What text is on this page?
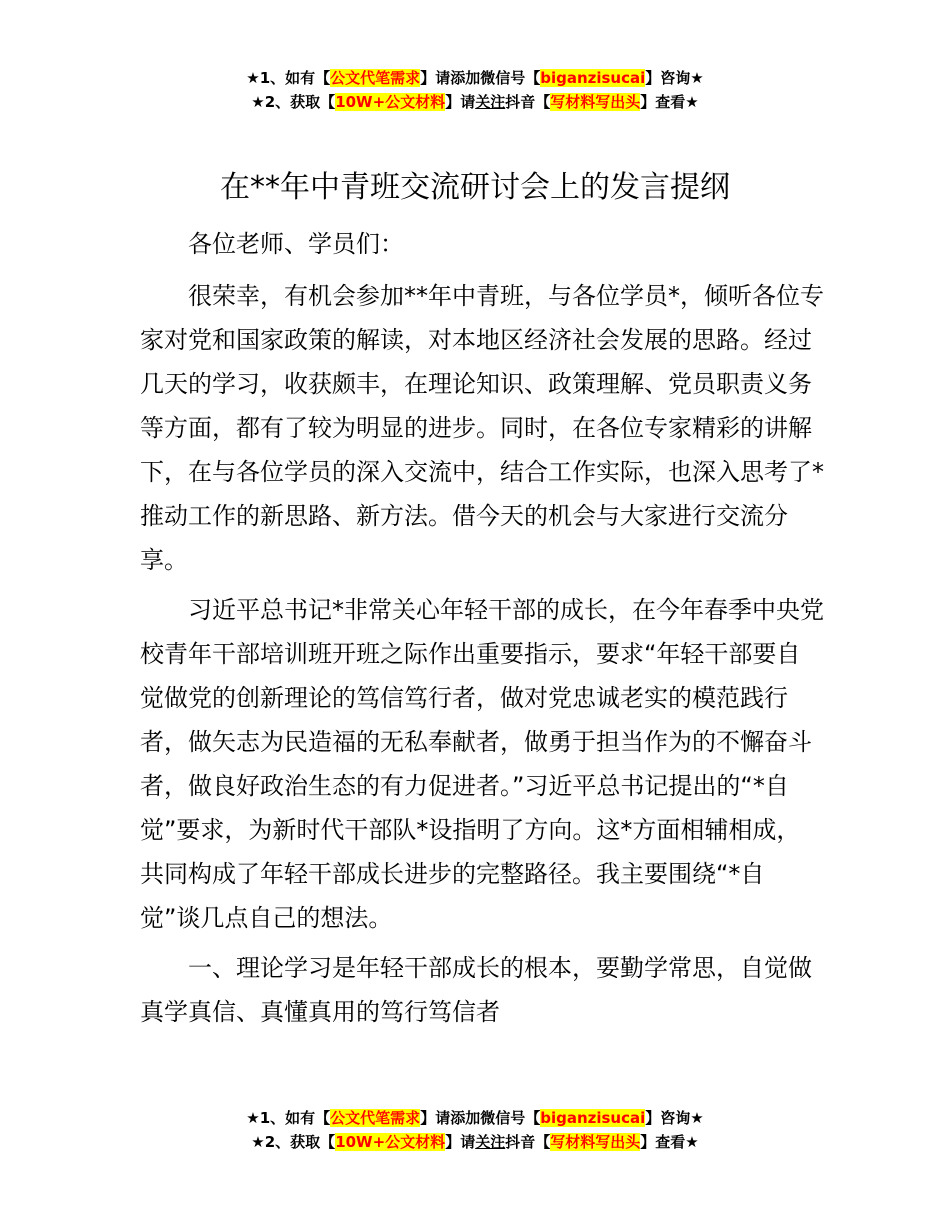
★1、如有【公文代笔需求】请添加微信号【biganzisucai】咨询★
★2、获取【10W+公文材料】请关注抖音【写材料写出头】查看★
在**年中青班交流研讨会上的发言提纲

各位老师、学员们：

很荣幸，有机会参加**年中青班，与各位学员*，倾听各位专家对党和国家政策的解读，对本地区经济社会发展的思路。经过几天的学习，收获颇丰，在理论知识、政策理解、党员职责义务等方面，都有了较为明显的进步。同时，在各位专家精彩的讲解下，在与各位学员的深入交流中，结合工作实际，也深入思考了*推动工作的新思路、新方法。借今天的机会与大家进行交流分享。

习近平总书记*非常关心年轻干部的成长，在今年春季中央党校青年干部培训班开班之际作出重要指示，要求“年轻干部要自觉做党的创新理论的笃信笃行者，做对党忠诚老实的模范践行者，做矢志为民造福的无私奉献者，做勇于担当作为的不懈奋斗者，做良好政治生态的有力促进者。”习近平总书记提出的“*自觉”要求，为新时代干部队*设指明了方向。这*方面相辅相成，共同构成了年轻干部成长进步的完整路径。我主要围绕“*自觉”谈几点自己的想法。

一、理论学习是年轻干部成长的根本，要勤学常思，自觉做真学真信、真懂真用的笃行笃信者

★1、如有【公文代笔需求】请添加微信号【biganzisucai】咨询★
★2、获取【10W+公文材料】请关注抖音【写材料写出头】查看★
